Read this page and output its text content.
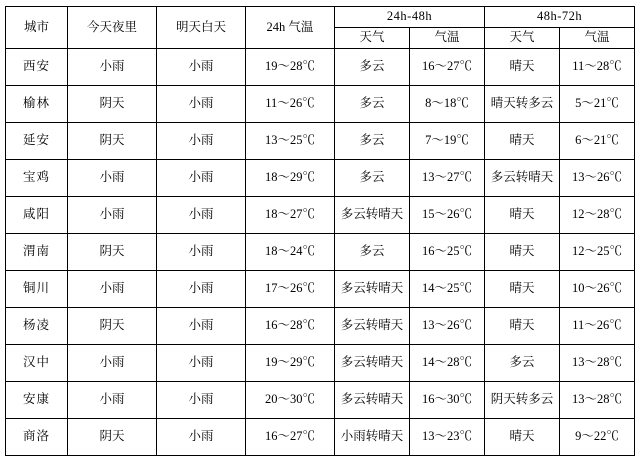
城市	今天夜里	明天白天	24h 气温	24h-48h		48h-72h	
				天气	气温	天气	气温
西安	小雨	小雨	19～28℃	多云	16～27℃	晴天	11～28℃
榆林	阴天	小雨	11～26℃	多云	8～18℃	晴天转多云	5～21℃
延安	阴天	小雨	13～25℃	多云	7～19℃	晴天	6～21℃
宝鸡	小雨	小雨	18～29℃	多云	13～27℃	多云转晴天	13～26℃
咸阳	小雨	小雨	18～27℃	多云转晴天	15～26℃	晴天	12～28℃
渭南	阴天	小雨	18～24℃	多云	16～25℃	晴天	12～25℃
铜川	小雨	小雨	17～26℃	多云转晴天	14～25℃	晴天	10～26℃
杨凌	阴天	小雨	16～28℃	多云转晴天	13～26℃	晴天	11～26℃
汉中	小雨	小雨	19～29℃	多云转晴天	14～28℃	多云	13～28℃
安康	小雨	小雨	20～30℃	多云转晴天	16～30℃	阴天转多云	13～28℃
商洛	阴天	小雨	16～27℃	小雨转晴天	13～23℃	晴天	9～22℃
